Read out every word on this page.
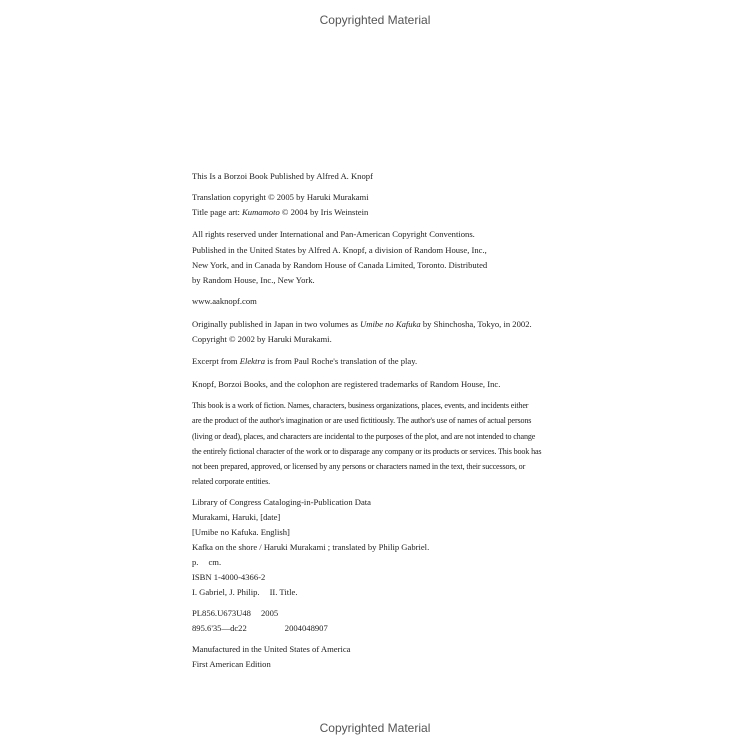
Copyrighted Material
This Is a Borzoi Book Published by Alfred A. Knopf
Translation copyright © 2005 by Haruki Murakami
Title page art: Kumamoto © 2004 by Iris Weinstein
All rights reserved under International and Pan-American Copyright Conventions.
Published in the United States by Alfred A. Knopf, a division of Random House, Inc.,
New York, and in Canada by Random House of Canada Limited, Toronto. Distributed
by Random House, Inc., New York.
www.aaknopf.com
Originally published in Japan in two volumes as Umibe no Kafuka by Shinchosha, Tokyo, in 2002.
Copyright © 2002 by Haruki Murakami.
Excerpt from Elektra is from Paul Roche's translation of the play.
Knopf, Borzoi Books, and the colophon are registered trademarks of Random House, Inc.
This book is a work of fiction. Names, characters, business organizations, places, events, and incidents either
are the product of the author's imagination or are used fictitiously. The author's use of names of actual persons
(living or dead), places, and characters are incidental to the purposes of the plot, and are not intended to change
the entirely fictional character of the work or to disparage any company or its products or services. This book has
not been prepared, approved, or licensed by any persons or characters named in the text, their successors, or
related corporate entities.
Library of Congress Cataloging-in-Publication Data
Murakami, Haruki, [date]
[Umibe no Kafuka. English]
Kafka on the shore / Haruki Murakami ; translated by Philip Gabriel.
p. cm.
ISBN 1-4000-4366-2
I. Gabriel, J. Philip. II. Title.
PL856.U673U48 2005
895.6'35—dc22	2004048907
Manufactured in the United States of America
First American Edition
Copyrighted Material
